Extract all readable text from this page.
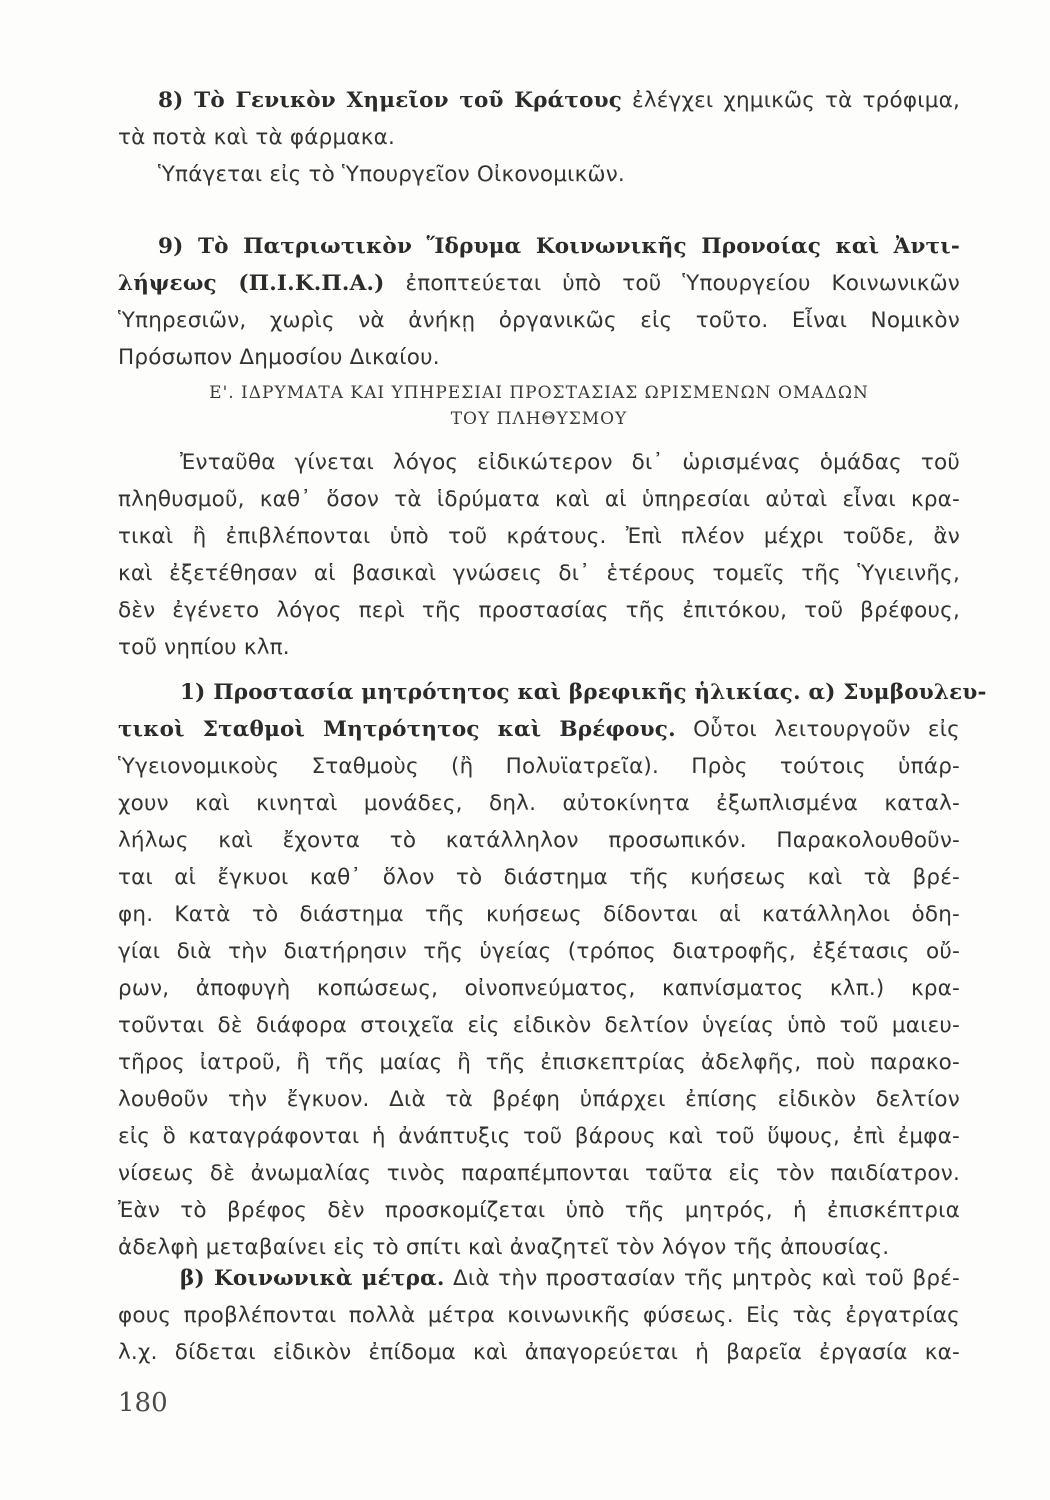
8) Τὸ Γενικὸν Χημεῖον τοῦ Κράτους ἐλέγχει χημικῶς τὰ τρόφιμα,
τὰ ποτὰ καὶ τὰ φάρμακα.
Ὑπάγεται εἰς τὸ Ὑπουργεῖον Οἰκονομικῶν.
9) Τὸ Πατριωτικὸν Ἵδρυμα Κοινωνικῆς Προνοίας καὶ Ἀντι-
λήψεως (Π.Ι.Κ.Π.Α.) ἐποπτεύεται ὑπὸ τοῦ Ὑπουργείου Κοινωνικῶν
Ὑπηρεσιῶν, χωρὶς νὰ ἀνήκῃ ὀργανικῶς εἰς τοῦτο. Εἶναι Νομικὸν
Πρόσωπον Δημοσίου Δικαίου.
Ε'. ΙΔΡΥΜΑΤΑ ΚΑΙ ΥΠΗΡΕΣΙΑΙ ΠΡΟΣΤΑΣΙΑΣ ΩΡΙΣΜΕΝΩΝ ΟΜΑΔΩΝ
ΤΟΥ ΠΛΗΘΥΣΜΟΥ
Ἐνταῦθα γίνεται λόγος εἰδικώτερον δι᾽ ὡρισμένας ὁμάδας τοῦ
πληθυσμοῦ, καθ᾽ ὅσον τὰ ἱδρύματα καὶ αἱ ὑπηρεσίαι αὐταὶ εἶναι κρα-
τικαὶ ἢ ἐπιβλέπονται ὑπὸ τοῦ κράτους. Ἐπὶ πλέον μέχρι τοῦδε, ἂν
καὶ ἐξετέθησαν αἱ βασικαὶ γνώσεις δι᾽ ἑτέρους τομεῖς τῆς Ὑγιεινῆς,
δὲν ἐγένετο λόγος περὶ τῆς προστασίας τῆς ἐπιτόκου, τοῦ βρέφους,
τοῦ νηπίου κλπ.
1) Προστασία μητρότητος καὶ βρεφικῆς ἡλικίας. α) Συμβουλευ-
τικοὶ Σταθμοὶ Μητρότητος καὶ Βρέφους. Οὗτοι λειτουργοῦν εἰς
Ὑγειονομικοὺς Σταθμοὺς (ἢ Πολυϊατρεῖα). Πρὸς τούτοις ὑπάρ-
χουν καὶ κινηταὶ μονάδες, δηλ. αὐτοκίνητα ἐξωπλισμένα καταλ-
λήλως καὶ ἔχοντα τὸ κατάλληλον προσωπικόν. Παρακολουθοῦν-
ται αἱ ἔγκυοι καθ᾽ ὅλον τὸ διάστημα τῆς κυήσεως καὶ τὰ βρέ-
φη. Κατὰ τὸ διάστημα τῆς κυήσεως δίδονται αἱ κατάλληλοι ὁδη-
γίαι διὰ τὴν διατήρησιν τῆς ὑγείας (τρόπος διατροφῆς, ἐξέτασις οὔ-
ρων, ἀποφυγὴ κοπώσεως, οἰνοπνεύματος, καπνίσματος κλπ.) κρα-
τοῦνται δὲ διάφορα στοιχεῖα εἰς εἰδικὸν δελτίον ὑγείας ὑπὸ τοῦ μαιευ-
τῆρος ἰατροῦ, ἢ τῆς μαίας ἢ τῆς ἐπισκεπτρίας ἀδελφῆς, ποὺ παρακο-
λουθοῦν τὴν ἔγκυον. Διὰ τὰ βρέφη ὑπάρχει ἐπίσης εἰδικὸν δελτίον
εἰς ὃ καταγράφονται ἡ ἀνάπτυξις τοῦ βάρους καὶ τοῦ ὕψους, ἐπὶ ἐμφα-
νίσεως δὲ ἀνωμαλίας τινὸς παραπέμπονται ταῦτα εἰς τὸν παιδίατρον.
Ἐὰν τὸ βρέφος δὲν προσκομίζεται ὑπὸ τῆς μητρός, ἡ ἐπισκέπτρια
ἀδελφὴ μεταβαίνει εἰς τὸ σπίτι καὶ ἀναζητεῖ τὸν λόγον τῆς ἀπουσίας.
β) Κοινωνικὰ μέτρα. Διὰ τὴν προστασίαν τῆς μητρὸς καὶ τοῦ βρέ-
φους προβλέπονται πολλὰ μέτρα κοινωνικῆς φύσεως. Εἰς τὰς ἐργατρίας
λ.χ. δίδεται εἰδικὸν ἐπίδομα καὶ ἀπαγορεύεται ἡ βαρεῖα ἐργασία κα-
180
